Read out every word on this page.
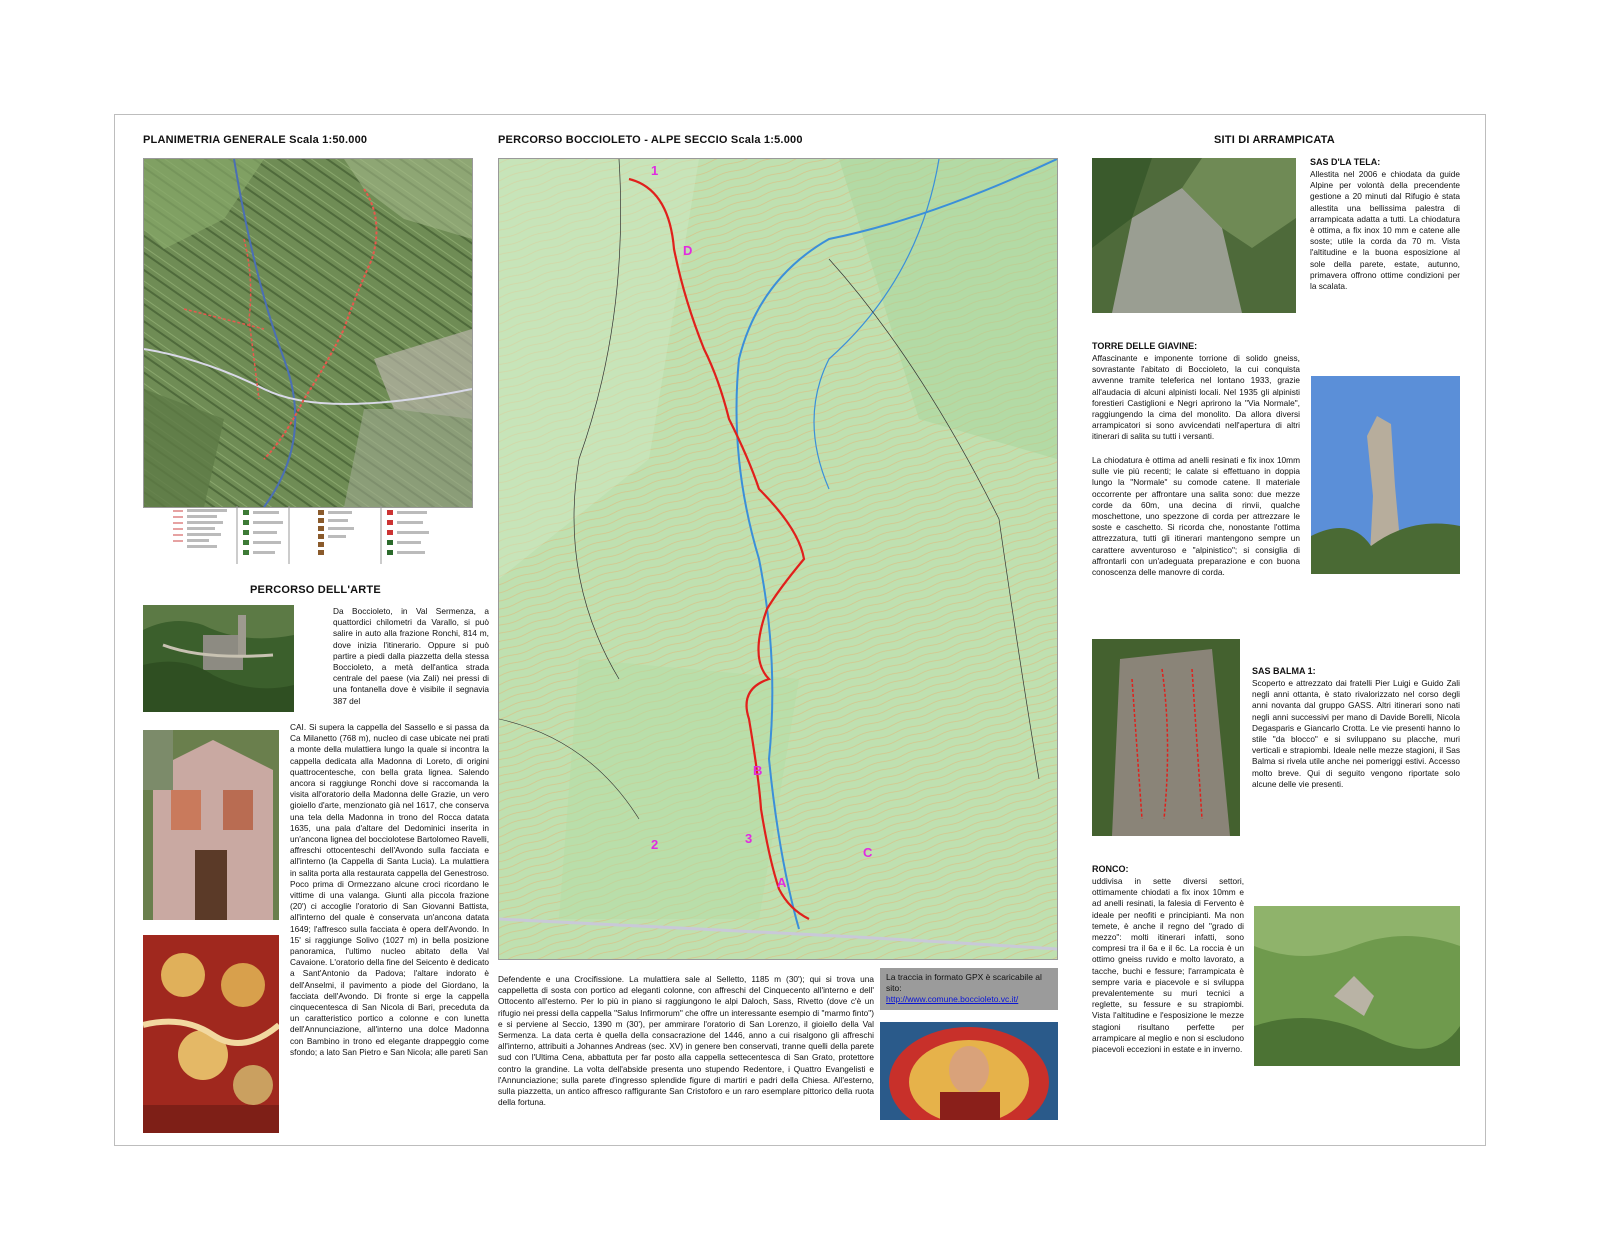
PLANIMETRIA GENERALE Scala 1:50.000	PERCORSO BOCCIOLETO - ALPE SECCIO Scala 1:5.000	SITI DI ARRAMPICATA
PERCORSO DELL'ARTE
1
D
B
3
2
C
A
Da Boccioleto, in Val Sermenza, a quattordici chilometri da Varallo, si può salire in auto alla frazione Ronchi, 814 m, dove inizia l'itinerario. Oppure si può partire a piedi dalla piazzetta della stessa Boccioleto, a metà dell'antica strada centrale del paese (via Zali) nei pressi di una fontanella dove è visibile il segnavia 387 del
CAI. Si supera la cappella del Sassello e si passa da Ca Milanetto (768 m), nucleo di case ubicate nei prati a monte della mulattiera lungo la quale si incontra la cappella dedicata alla Madonna di Loreto, di origini quattrocentesche, con bella grata lignea. Salendo ancora si raggiunge Ronchi dove si raccomanda la visita all'oratorio della Madonna delle Grazie, un vero gioiello d'arte, menzionato già nel 1617, che conserva una tela della Madonna in trono del Rocca datata 1635, una pala d'altare del Dedominici inserita in un'ancona lignea del bocciolotese Bartolomeo Ravelli, affreschi ottocenteschi dell'Avondo sulla facciata e all'interno (la Cappella di Santa Lucia). La mulattiera in salita porta alla restaurata cappella del Genestroso. Poco prima di Ormezzano alcune croci ricordano le vittime di una valanga. Giunti alla piccola frazione (20') ci accoglie l'oratorio di San Giovanni Battista, all'interno del quale è conservata un'ancona datata 1649; l'affresco sulla facciata è opera dell'Avondo. In 15' si raggiunge Solivo (1027 m) in bella posizione panoramica, l'ultimo nucleo abitato della Val Cavaione. L'oratorio della fine del Seicento è dedicato a Sant'Antonio da Padova; l'altare indorato è dell'Anselmi, il pavimento a piode del Giordano, la facciata dell'Avondo. Di fronte si erge la cappella cinquecentesca di San Nicola di Bari, preceduta da un caratteristico portico a colonne e con lunetta dell'Annunciazione, all'interno una dolce Madonna con Bambino in trono ed elegante drappeggio come sfondo; a lato San Pietro e San Nicola; alle pareti San
Defendente e una Crocifissione. La mulattiera sale al Selletto, 1185 m (30'); qui si trova una cappelletta di sosta con portico ad eleganti colonne, con affreschi del Cinquecento all'interno e dell' Ottocento all'esterno. Per lo più in piano si raggiungono le alpi Daloch, Sass, Rivetto (dove c'è un rifugio nei pressi della cappella "Salus Infirmorum" che offre un interessante esempio di "marmo finto") e si perviene al Seccio, 1390 m (30'), per ammirare l'oratorio di San Lorenzo, il gioiello della Val Sermenza. La data certa è quella della consacrazione del 1446, anno a cui risalgono gli affreschi all'interno, attribuiti a Johannes Andreas (sec. XV) in genere ben conservati, tranne quelli della parete sud con l'Ultima Cena, abbattuta per far posto alla cappella settecentesca di San Grato, protettore contro la grandine. La volta dell'abside presenta uno stupendo Redentore, i Quattro Evangelisti e l'Annunciazione; sulla parete d'ingresso splendide figure di martiri e padri della Chiesa. All'esterno, sulla piazzetta, un antico affresco raffigurante San Cristoforo e un raro esemplare pittorico della ruota della fortuna.
La traccia in formato GPX è scaricabile al sito:
http://www.comune.boccioleto.vc.it/
SAS D'LA TELA:
Allestita nel 2006 e chiodata da guide Alpine per volontà della precendente gestione a 20 minuti dal Rifugio è stata allestita una bellissima palestra di arrampicata adatta a tutti. La chiodatura è ottima, a fix inox 10 mm e catene alle soste; utile la corda da 70 m. Vista l'altitudine e la buona esposizione al sole della parete, estate, autunno, primavera offrono ottime condizioni per la scalata.
TORRE DELLE GIAVINE:
Affascinante e imponente torrione di solido gneiss, sovrastante l'abitato di Boccioleto, la cui conquista avvenne tramite teleferica nel lontano 1933, grazie all'audacia di alcuni alpinisti locali. Nel 1935 gli alpinisti forestieri Castiglioni e Negri aprirono la "Via Normale", raggiungendo la cima del monolito. Da allora diversi arrampicatori si sono avvicendati nell'apertura di altri itinerari di salita su tutti i versanti.
La chiodatura è ottima ad anelli resinati e fix inox 10mm sulle vie più recenti; le calate si effettuano in doppia lungo la "Normale" su comode catene. Il materiale occorrente per affrontare una salita sono: due mezze corde da 60m, una decina di rinvii, qualche moschettone, uno spezzone di corda per attrezzare le soste e caschetto. Si ricorda che, nonostante l'ottima attrezzatura, tutti gli itinerari mantengono sempre un carattere avventuroso e "alpinistico"; si consiglia di affrontarli con un'adeguata preparazione e con buona conoscenza delle manovre di corda.
SAS BALMA 1:
Scoperto e attrezzato dai fratelli Pier Luigi e Guido Zali negli anni ottanta, è stato rivalorizzato nel corso degli anni novanta dal gruppo GASS. Altri itinerari sono nati negli anni successivi per mano di Davide Borelli, Nicola Degasparis e Giancarlo Crotta. Le vie presenti hanno lo stile "da blocco" e si sviluppano su placche, muri verticali e strapiombi. Ideale nelle mezze stagioni, il Sas Balma si rivela utile anche nei pomeriggi estivi. Accesso molto breve. Qui di seguito vengono riportate solo alcune delle vie presenti.
RONCO:
uddivisa in sette diversi settori, ottimamente chiodati a fix inox 10mm e ad anelli resinati, la falesia di Fervento è ideale per neofiti e principianti. Ma non temete, è anche il regno del "grado di mezzo": molti itinerari infatti, sono compresi tra il 6a e il 6c. La roccia è un ottimo gneiss ruvido e molto lavorato, a tacche, buchi e fessure; l'arrampicata è sempre varia e piacevole e si sviluppa prevalentemente su muri tecnici a reglette, su fessure e su strapiombi. Vista l'altitudine e l'esposizione le mezze stagioni risultano perfette per arrampicare al meglio e non si escludono piacevoli eccezioni in estate e in inverno.
